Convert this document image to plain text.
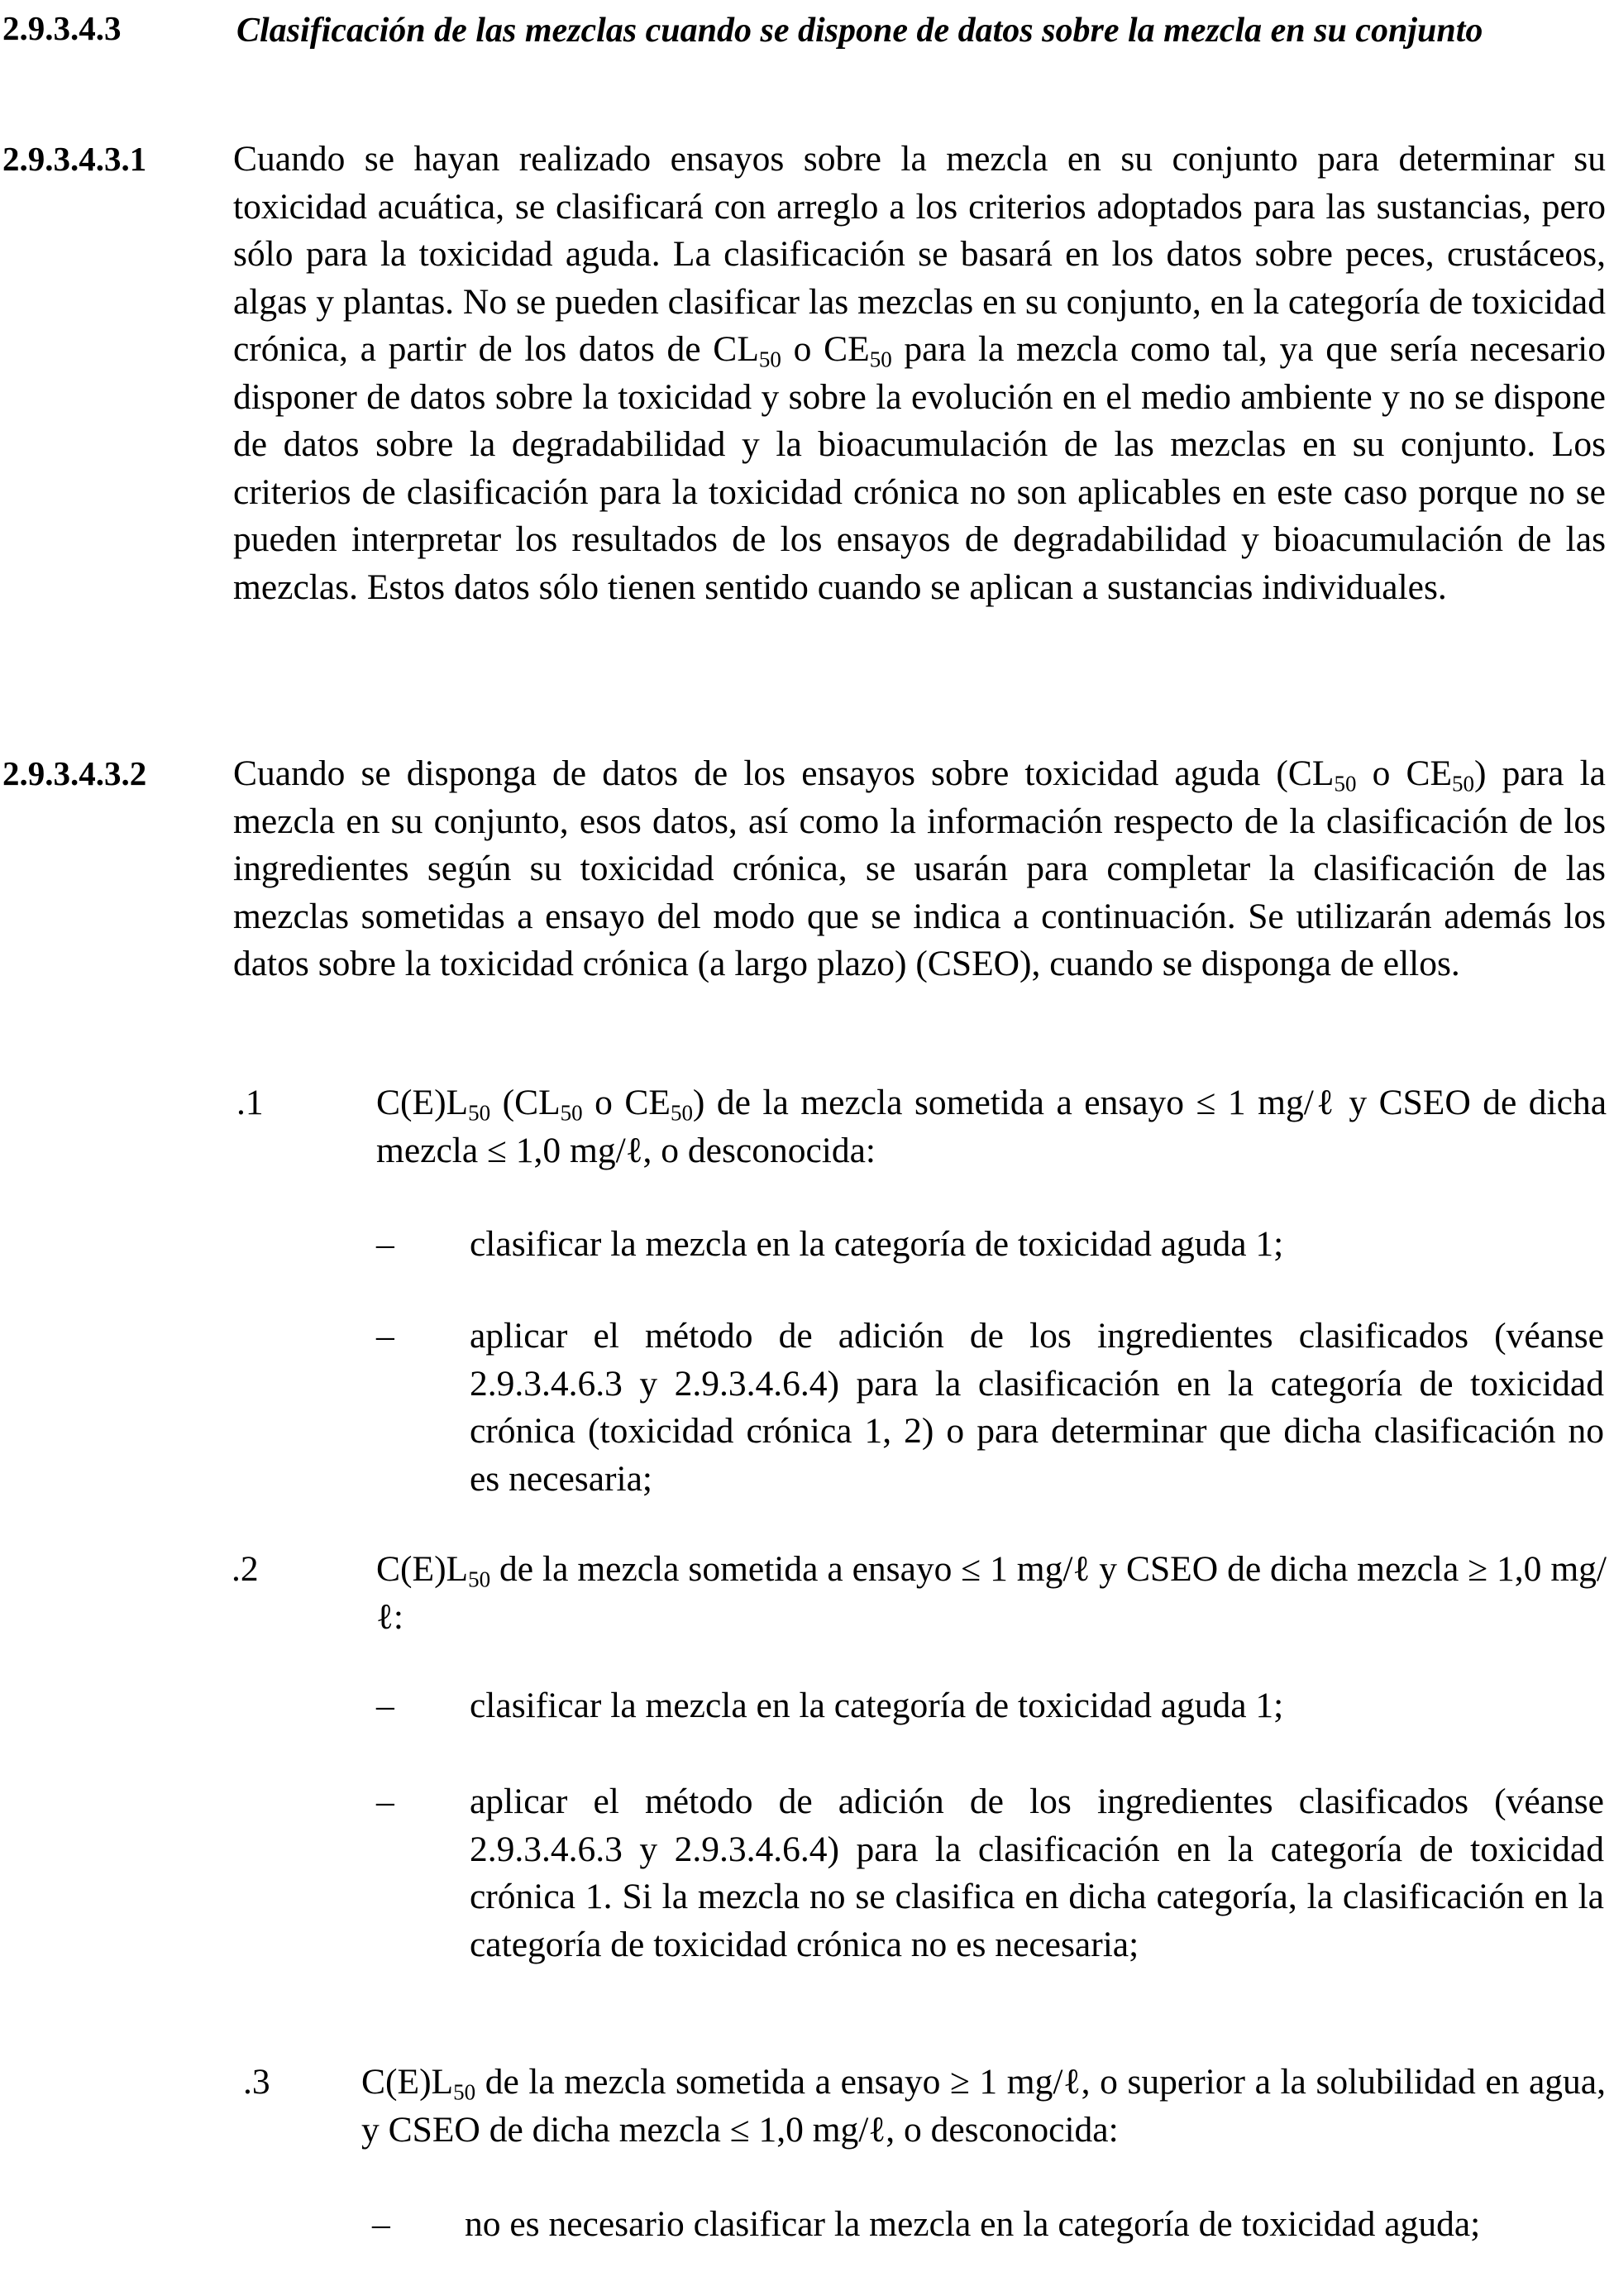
2.9.3.4.3	Clasificación de las mezclas cuando se dispone de datos sobre la mezcla en su conjunto
2.9.3.4.3.1 Cuando se hayan realizado ensayos sobre la mezcla en su conjunto para determinar su toxicidad acuática, se clasificará con arreglo a los criterios adoptados para las sustancias, pero sólo para la toxicidad aguda. La clasificación se basará en los datos sobre peces, crustáceos, algas y plantas. No se pueden clasificar las mezclas en su conjunto, en la categoría de toxicidad crónica, a partir de los datos de $CL_{50}$ o $CE_{50}$ para la mezcla como tal, ya que sería necesario disponer de datos sobre la toxicidad y sobre la evolución en el medio ambiente y no se dispone de datos sobre la degradabilidad y la bioacumulación de las mezclas en su conjunto. Los criterios de clasificación para la toxicidad crónica no son aplicables en este caso porque no se pueden interpretar los resultados de los ensayos de degradabilidad y bioacumulación de las mezclas. Estos datos sólo tienen sentido cuando se aplican a sustancias individuales.
2.9.3.4.3.2 Cuando se disponga de datos de los ensayos sobre toxicidad aguda ($CL_{50}$ o $CE_{50}$) para la mezcla en su conjunto, esos datos, así como la información respecto de la clasificación de los ingredientes según su toxicidad crónica, se usarán para completar la clasificación de las mezclas sometidas a ensayo del modo que se indica a continuación. Se utilizarán además los datos sobre la toxicidad crónica (a largo plazo) (CSEO), cuando se disponga de ellos.
.1	$C(E)L_{50}$ ($CL_{50}$ o $CE_{50}$) de la mezcla sometida a ensayo ≤ 1 mg/ℓ y CSEO de dicha mezcla ≤ 1,0 mg/ℓ, o desconocida:
– clasificar la mezcla en la categoría de toxicidad aguda 1;
– aplicar el método de adición de los ingredientes clasificados (véanse 2.9.3.4.6.3 y 2.9.3.4.6.4) para la clasificación en la categoría de toxicidad crónica (toxicidad crónica 1, 2) o para determinar que dicha clasificación no es necesaria;
.2	$C(E)L_{50}$ de la mezcla sometida a ensayo ≤ 1 mg/ℓ y CSEO de dicha mezcla ≥ 1,0 mg/ℓ:
– clasificar la mezcla en la categoría de toxicidad aguda 1;
– aplicar el método de adición de los ingredientes clasificados (véanse 2.9.3.4.6.3 y 2.9.3.4.6.4) para la clasificación en la categoría de toxicidad crónica 1. Si la mezcla no se clasifica en dicha categoría, la clasificación en la categoría de toxicidad crónica no es necesaria;
.3	$C(E)L_{50}$ de la mezcla sometida a ensayo ≥ 1 mg/ℓ, o superior a la solubilidad en agua, y CSEO de dicha mezcla ≤ 1,0 mg/ℓ, o desconocida:
– no es necesario clasificar la mezcla en la categoría de toxicidad aguda;
